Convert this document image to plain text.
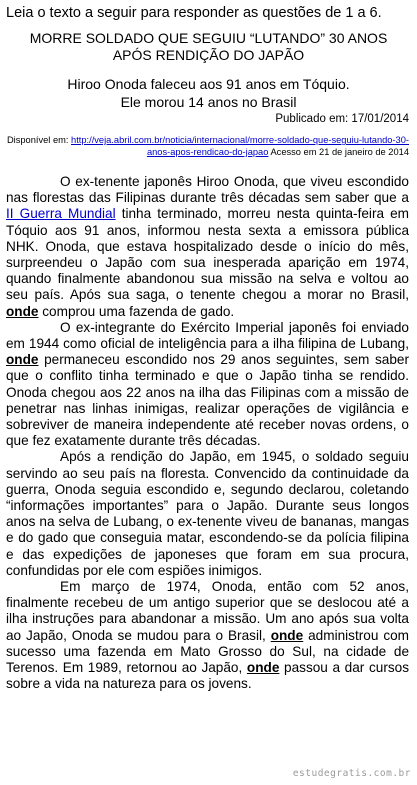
Leia o texto a seguir para responder as questões de 1 a 6.
MORRE SOLDADO QUE SEGUIU “LUTANDO” 30 ANOS
APÓS RENDIÇÃO DO JAPÃO
Hiroo Onoda faleceu aos 91 anos em Tóquio.
Ele morou 14 anos no Brasil
Publicado em: 17/01/2014
Disponível em: http://veja.abril.com.br/noticia/internacional/morre-soldado-que-seguiu-lutando-30-anos-apos-rendicao-do-japao Acesso em 21 de janeiro de 2014

O ex-tenente japonês Hiroo Onoda, que viveu escondido nas florestas das Filipinas durante três décadas sem saber que a II Guerra Mundial tinha terminado, morreu nesta quinta-feira em Tóquio aos 91 anos, informou nesta sexta a emissora pública NHK. Onoda, que estava hospitalizado desde o início do mês, surpreendeu o Japão com sua inesperada aparição em 1974, quando finalmente abandonou sua missão na selva e voltou ao seu país. Após sua saga, o tenente chegou a morar no Brasil, onde comprou uma fazenda de gado.

O ex-integrante do Exército Imperial japonês foi enviado em 1944 como oficial de inteligência para a ilha filipina de Lubang, onde permaneceu escondido nos 29 anos seguintes, sem saber que o conflito tinha terminado e que o Japão tinha se rendido. Onoda chegou aos 22 anos na ilha das Filipinas com a missão de penetrar nas linhas inimigas, realizar operações de vigilância e sobreviver de maneira independente até receber novas ordens, o que fez exatamente durante três décadas.

Após a rendição do Japão, em 1945, o soldado seguiu servindo ao seu país na floresta. Convencido da continuidade da guerra, Onoda seguia escondido e, segundo declarou, coletando “informações importantes” para o Japão. Durante seus longos anos na selva de Lubang, o ex-tenente viveu de bananas, mangas e do gado que conseguia matar, escondendo-se da polícia filipina e das expedições de japoneses que foram em sua procura, confundidas por ele com espiões inimigos.

Em março de 1974, Onoda, então com 52 anos, finalmente recebeu de um antigo superior que se deslocou até a ilha instruções para abandonar a missão. Um ano após sua volta ao Japão, Onoda se mudou para o Brasil, onde administrou com sucesso uma fazenda em Mato Grosso do Sul, na cidade de Terenos. Em 1989, retornou ao Japão, onde passou a dar cursos sobre a vida na natureza para os jovens.

estudegratis.com.br
